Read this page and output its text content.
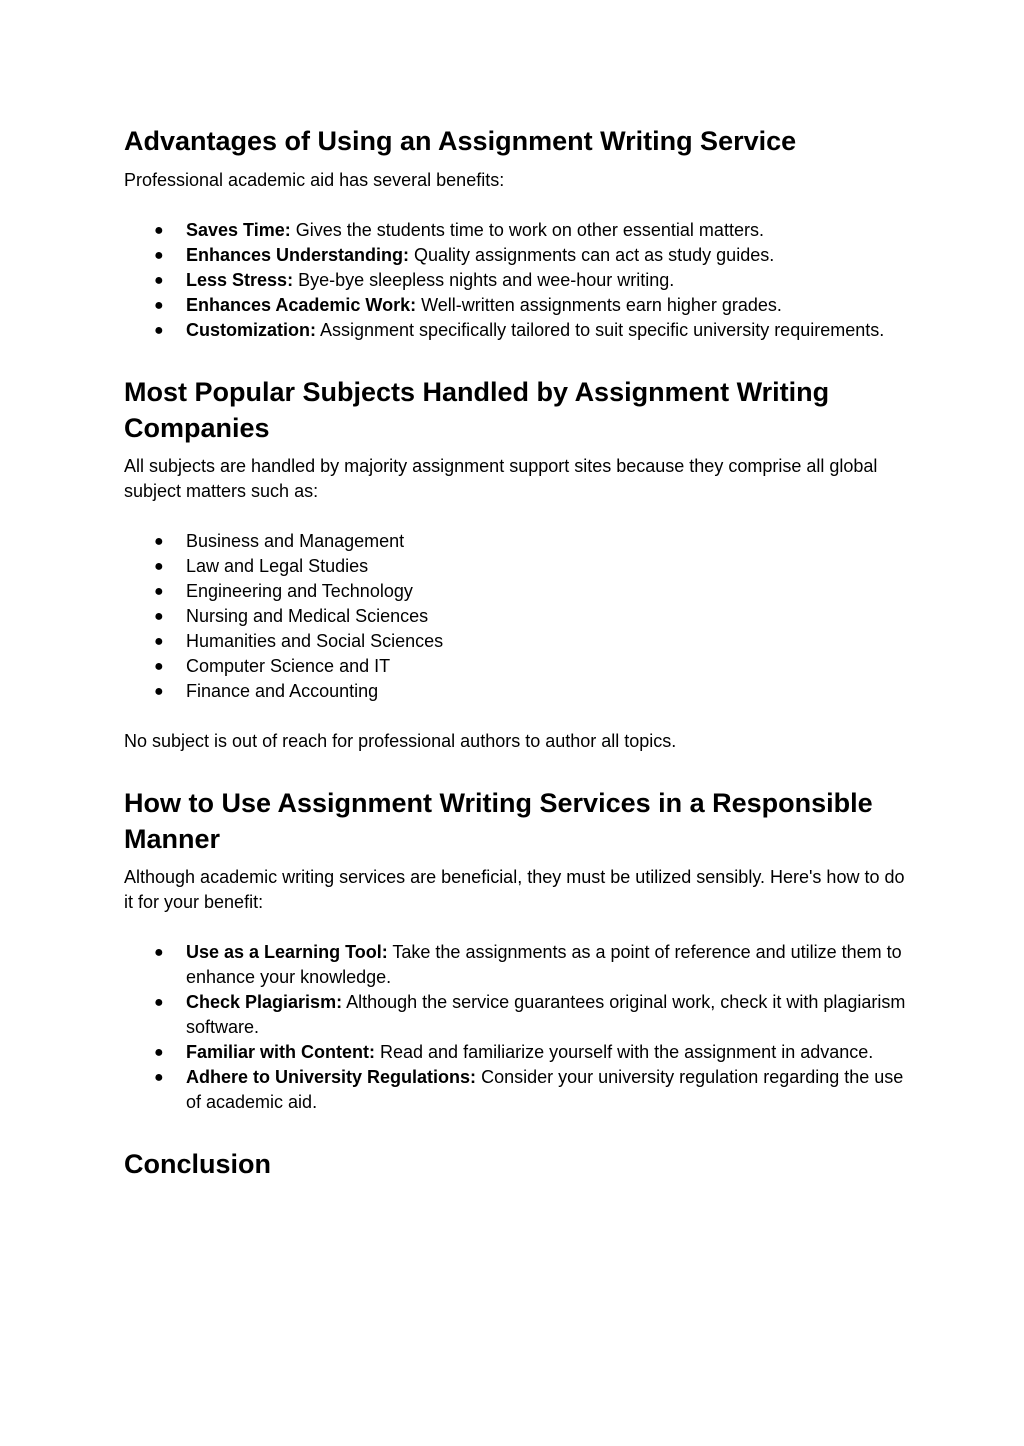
Advantages of Using an Assignment Writing Service

Professional academic aid has several benefits:

● Saves Time: Gives the students time to work on other essential matters.
● Enhances Understanding: Quality assignments can act as study guides.
● Less Stress: Bye-bye sleepless nights and wee-hour writing.
● Enhances Academic Work: Well-written assignments earn higher grades.
● Customization: Assignment specifically tailored to suit specific university requirements.
Most Popular Subjects Handled by Assignment Writing Companies

All subjects are handled by majority assignment support sites because they comprise all global subject matters such as:

● Business and Management
● Law and Legal Studies
● Engineering and Technology
● Nursing and Medical Sciences
● Humanities and Social Sciences
● Computer Science and IT
● Finance and Accounting

No subject is out of reach for professional authors to author all topics.

How to Use Assignment Writing Services in a Responsible Manner

Although academic writing services are beneficial, they must be utilized sensibly. Here's how to do it for your benefit:

● Use as a Learning Tool: Take the assignments as a point of reference and utilize them to enhance your knowledge.
● Check Plagiarism: Although the service guarantees original work, check it with plagiarism software.
● Familiar with Content: Read and familiarize yourself with the assignment in advance.
● Adhere to University Regulations: Consider your university regulation regarding the use of academic aid.
Conclusion
